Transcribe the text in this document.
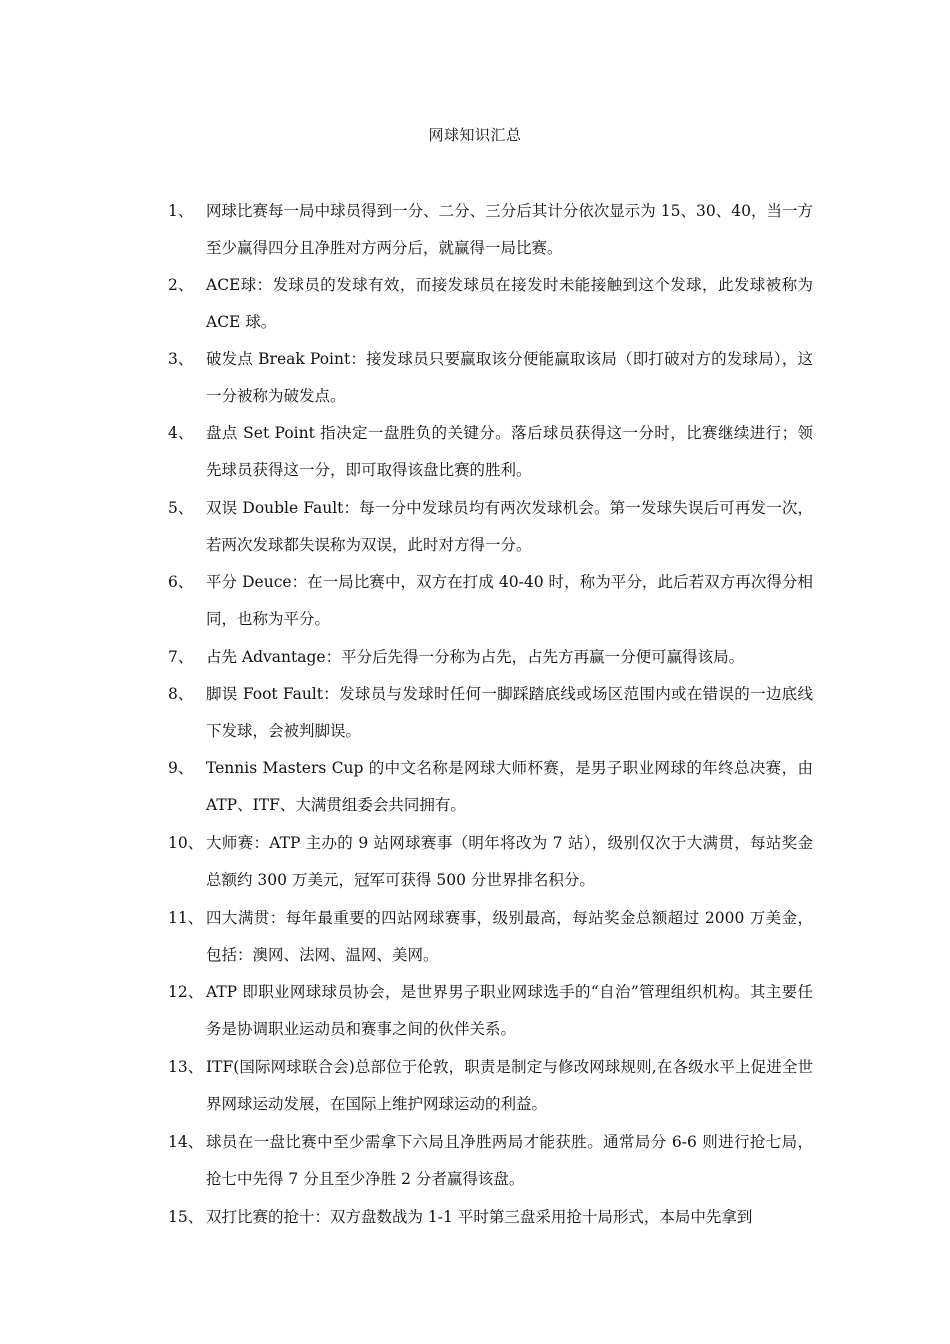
网球知识汇总
1、 网球比赛每一局中球员得到一分、二分、三分后其计分依次显示为 15、30、40，当一方至少赢得四分且净胜对方两分后，就赢得一局比赛。
2、 ACE球：发球员的发球有效，而接发球员在接发时未能接触到这个发球，此发球被称为 ACE 球。
3、 破发点 Break Point：接发球员只要赢取该分便能赢取该局（即打破对方的发球局），这一分被称为破发点。
4、 盘点 Set Point 指决定一盘胜负的关键分。落后球员获得这一分时，比赛继续进行；领先球员获得这一分，即可取得该盘比赛的胜利。
5、 双误 Double Fault：每一分中发球员均有两次发球机会。第一发球失误后可再发一次，若两次发球都失误称为双误，此时对方得一分。
6、 平分 Deuce：在一局比赛中，双方在打成 40-40 时，称为平分，此后若双方再次得分相同，也称为平分。
7、 占先 Advantage：平分后先得一分称为占先，占先方再赢一分便可赢得该局。
8、 脚误 Foot Fault：发球员与发球时任何一脚踩踏底线或场区范围内或在错误的一边底线下发球，会被判脚误。
9、 Tennis Masters Cup 的中文名称是网球大师杯赛，是男子职业网球的年终总决赛，由 ATP、ITF、大满贯组委会共同拥有。
10、 大师赛：ATP 主办的 9 站网球赛事（明年将改为 7 站），级别仅次于大满贯，每站奖金总额约 300 万美元，冠军可获得 500 分世界排名积分。
11、 四大满贯：每年最重要的四站网球赛事，级别最高，每站奖金总额超过 2000 万美金，包括：澳网、法网、温网、美网。
12、 ATP 即职业网球球员协会，是世界男子职业网球选手的“自治”管理组织机构。其主要任务是协调职业运动员和赛事之间的伙伴关系。
13、 ITF(国际网球联合会)总部位于伦敦，职责是制定与修改网球规则,在各级水平上促进全世界网球运动发展，在国际上维护网球运动的利益。
14、 球员在一盘比赛中至少需拿下六局且净胜两局才能获胜。通常局分 6-6 则进行抢七局，抢七中先得 7 分且至少净胜 2 分者赢得该盘。
15、 双打比赛的抢十：双方盘数战为 1-1 平时第三盘采用抢十局形式，本局中先拿到
